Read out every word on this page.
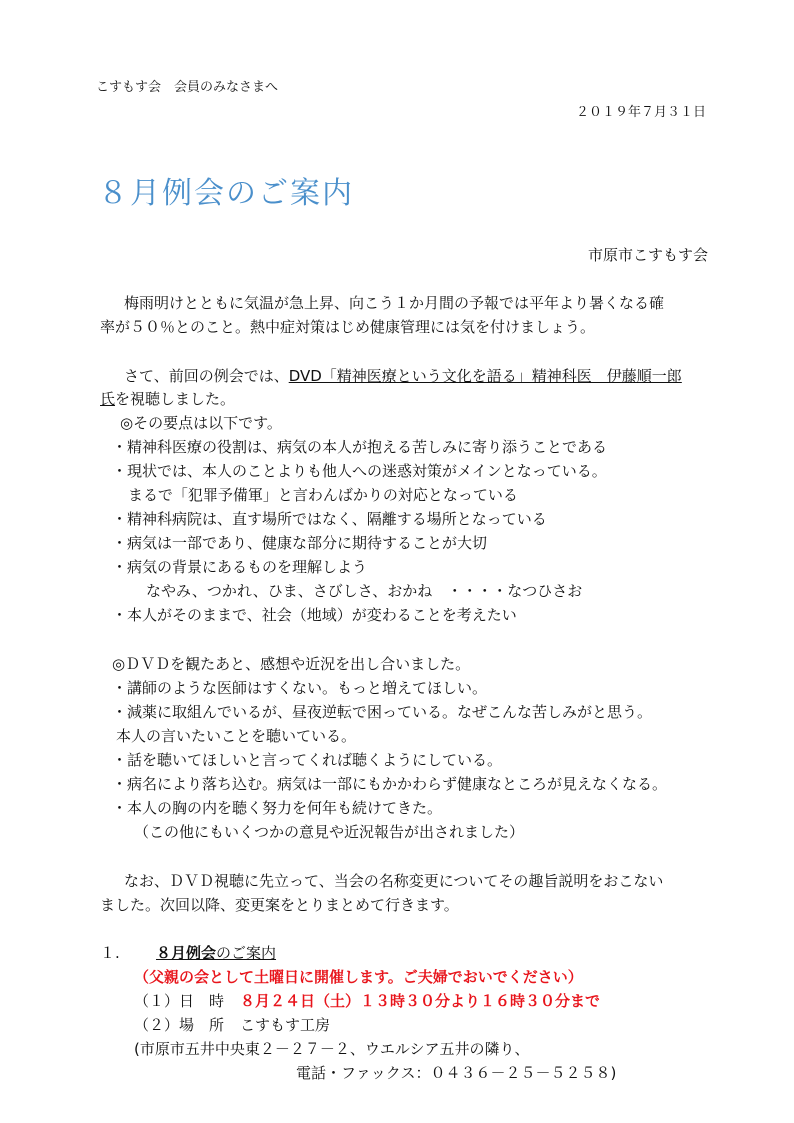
こすもす会　会員のみなさまへ
２０１９年７月３１日
８月例会のご案内
市原市こすもす会
梅雨明けとともに気温が急上昇、向こう１か月間の予報では平年より暑くなる確
率が５０％とのこと。熱中症対策はじめ健康管理には気を付けましょう。
さて、前回の例会では、DVD「精神医療という文化を語る」精神科医　伊藤順一郎
氏を視聴しました。
◎その要点は以下です。
・精神科医療の役割は、病気の本人が抱える苦しみに寄り添うことである
・現状では、本人のことよりも他人への迷惑対策がメインとなっている。
まるで「犯罪予備軍」と言わんばかりの対応となっている
・精神科病院は、直す場所ではなく、隔離する場所となっている
・病気は一部であり、健康な部分に期待することが大切
・病気の背景にあるものを理解しよう
なやみ、つかれ、ひま、さびしさ、おかね　・・・・なつひさお
・本人がそのままで、社会（地域）が変わることを考えたい
◎ＤＶＤを観たあと、感想や近況を出し合いました。
・講師のような医師はすくない。もっと増えてほしい。
・減薬に取組んでいるが、昼夜逆転で困っている。なぜこんな苦しみがと思う。
本人の言いたいことを聴いている。
・話を聴いてほしいと言ってくれば聴くようにしている。
・病名により落ち込む。病気は一部にもかかわらず健康なところが見えなくなる。
・本人の胸の内を聴く努力を何年も続けてきた。
（この他にもいくつかの意見や近況報告が出されました）
なお、ＤＶＤ視聴に先立って、当会の名称変更についてその趣旨説明をおこない
ました。次回以降、変更案をとりまとめて行きます。
１. ８月例会のご案内
（父親の会として土曜日に開催します。ご夫婦でおいでください）
（１）日　時 ８月２４日（土）１３時３０分より１６時３０分まで
（２）場　所 こすもす工房
(市原市五井中央東２－２７－２、ウエルシア五井の隣り、
電話・ファックス：０４３６－２５－５２５８)
